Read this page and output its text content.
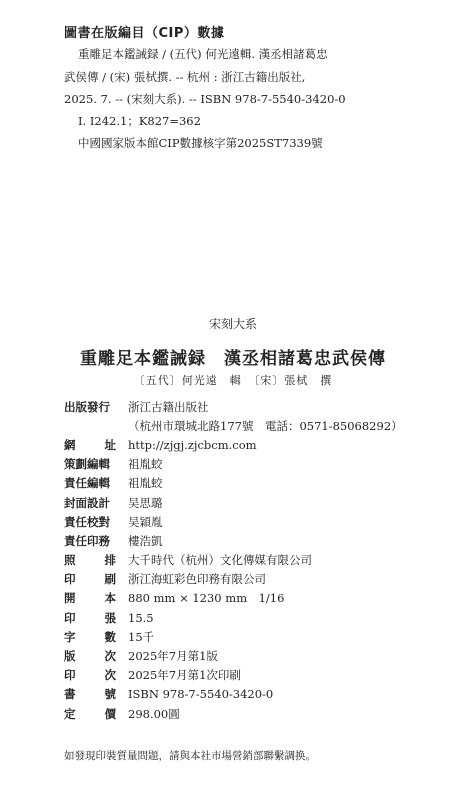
圖書在版編目（CIP）數據
重雕足本鑑誡録 / (五代) 何光遠輯. 漢丞相諸葛忠
武侯傳 / (宋) 張栻撰. -- 杭州 : 浙江古籍出版社,
2025. 7. -- (宋刻大系). -- ISBN 978-7-5540-3420-0
Ⅰ. I242.1；K827=362
中國國家版本館CIP數據核字第2025ST7339號
宋刻大系
重雕足本鑑誡録　漢丞相諸葛忠武侯傳
〔五代〕何光遠　輯　〔宋〕張栻　撰
出版發行	浙江古籍出版社
（杭州市環城北路177號　電話：0571-85068292）
網	址 http://zjgj.zjcbcm.com
策劃編輯	祖胤蛟
責任編輯	祖胤蛟
封面設計	吴思璐
責任校對	吴穎胤
責任印務	樓浩凱
照	排 大千時代（杭州）文化傳媒有限公司
印	刷 浙江海虹彩色印務有限公司
開	本 880 mm × 1230 mm　1/16
印	張 15.5
字	數 15千
版	次 2025年7月第1版
印	次 2025年7月第1次印刷
書	號 ISBN 978-7-5540-3420-0
定	價 298.00圓
如發現印裝質量問題，請與本社市場營銷部聯繫調换。
